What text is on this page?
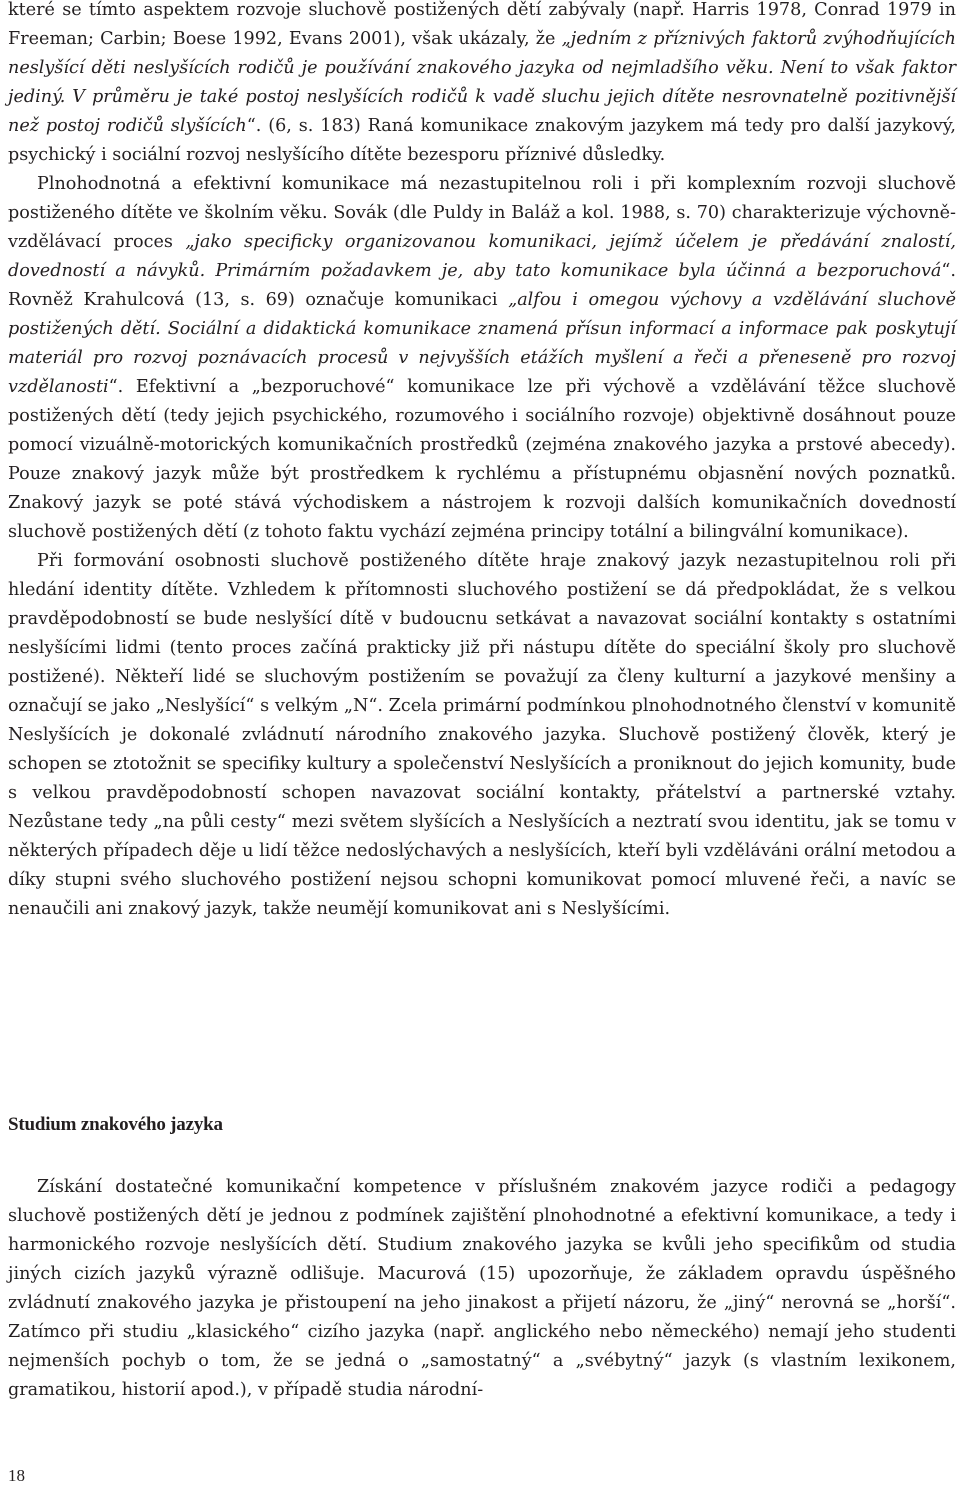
které se tímto aspektem rozvoje sluchově postižených dětí zabývaly (např. Harris 1978, Conrad 1979 in Freeman; Carbin; Boese 1992, Evans 2001), však ukázaly, že „jedním z příznivých faktorů zvýhodňujících neslyšící děti neslyšících rodičů je používání znakového jazyka od nejmladšího věku. Není to však faktor jediný. V průměru je také postoj neslyšících rodičů k vadě sluchu jejich dítěte nesrovnatelně pozitivnější než postoj rodičů slyšících“. (6, s. 183) Raná komunikace znakovým jazykem má tedy pro další jazykový, psychický i sociální rozvoj neslyšícího dítěte bezesporu příznivé důsledky.

Plnohodnotná a efektivní komunikace má nezastupitelnou roli i při komplexním rozvoji sluchově postiženého dítěte ve školním věku. Sovák (dle Puldy in Baláž a kol. 1988, s. 70) charakterizuje výchovně-vzdělávací proces „jako specificky organizovanou komunikaci, jejímž účelem je předávání znalostí, dovedností a návyků. Primárním požadavkem je, aby tato komunikace byla účinná a bezporuchová“. Rovněž Krahulcová (13, s. 69) označuje komunikaci „alfou i omegou výchovy a vzdělávání sluchově postižených dětí. Sociální a didaktická komunikace znamená přísun informací a informace pak poskytují materiál pro rozvoj poznávacích procesů v nejvyšších etážích myšlení a řeči a přeneseně pro rozvoj vzdělanosti“. Efektivní a „bezporuchové“ komunikace lze při výchově a vzdělávání těžce sluchově postižených dětí (tedy jejich psychického, rozumového i sociálního rozvoje) objektivně dosáhnout pouze pomocí vizuálně-motorických komunikačních prostředků (zejména znakového jazyka a prstové abecedy). Pouze znakový jazyk může být prostředkem k rychlému a přístupnému objasnění nových poznatků. Znakový jazyk se poté stává východiskem a nástrojem k rozvoji dalších komunikačních dovedností sluchově postižených dětí (z tohoto faktu vychází zejména principy totální a bilingvální komunikace).

Při formování osobnosti sluchově postiženého dítěte hraje znakový jazyk nezastupitelnou roli při hledání identity dítěte. Vzhledem k přítomnosti sluchového postižení se dá předpokládat, že s velkou pravděpodobností se bude neslyšící dítě v budoucnu setkávat a navazovat sociální kontakty s ostatními neslyšícími lidmi (tento proces začíná prakticky již při nástupu dítěte do speciální školy pro sluchově postižené). Někteří lidé se sluchovým postižením se považují za členy kulturní a jazykové menšiny a označují se jako „Neslyšící“ s velkým „N“. Zcela primární podmínkou plnohodnotného členství v komunitě Neslyšících je dokonalé zvládnutí národního znakového jazyka. Sluchově postižený člověk, který je schopen se ztotožnit se specifiky kultury a společenství Neslyšících a proniknout do jejich komunity, bude s velkou pravděpodobností schopen navazovat sociální kontakty, přátelství a partnerské vztahy. Nezůstane tedy „na půli cesty“ mezi světem slyšících a Neslyšících a neztratí svou identitu, jak se tomu v některých případech děje u lidí těžce nedoslýchavých a neslyšících, kteří byli vzděláváni orální metodou a díky stupni svého sluchového postižení nejsou schopni komunikovat pomocí mluvené řeči, a navíc se nenaučili ani znakový jazyk, takže neumějí komunikovat ani s Neslyšícími.

Studium znakového jazyka

Získání dostatečné komunikační kompetence v příslušném znakovém jazyce rodiči a pedagogy sluchově postižených dětí je jednou z podmínek zajištění plnohodnotné a efektivní komunikace, a tedy i harmonického rozvoje neslyšících dětí. Studium znakového jazyka se kvůli jeho specifikům od studia jiných cizích jazyků výrazně odlišuje. Macurová (15) upozorňuje, že základem opravdu úspěšného zvládnutí znakového jazyka je přistoupení na jeho jinakost a přijetí názoru, že „jiný“ nerovná se „horší“. Zatímco při studiu „klasického“ cizího jazyka (např. anglického nebo německého) nemají jeho studenti nejmenších pochyb o tom, že se jedná o „samostatný“ a „svébytný“ jazyk (s vlastním lexikonem, gramatikou, historií apod.), v případě studia národní-

18
